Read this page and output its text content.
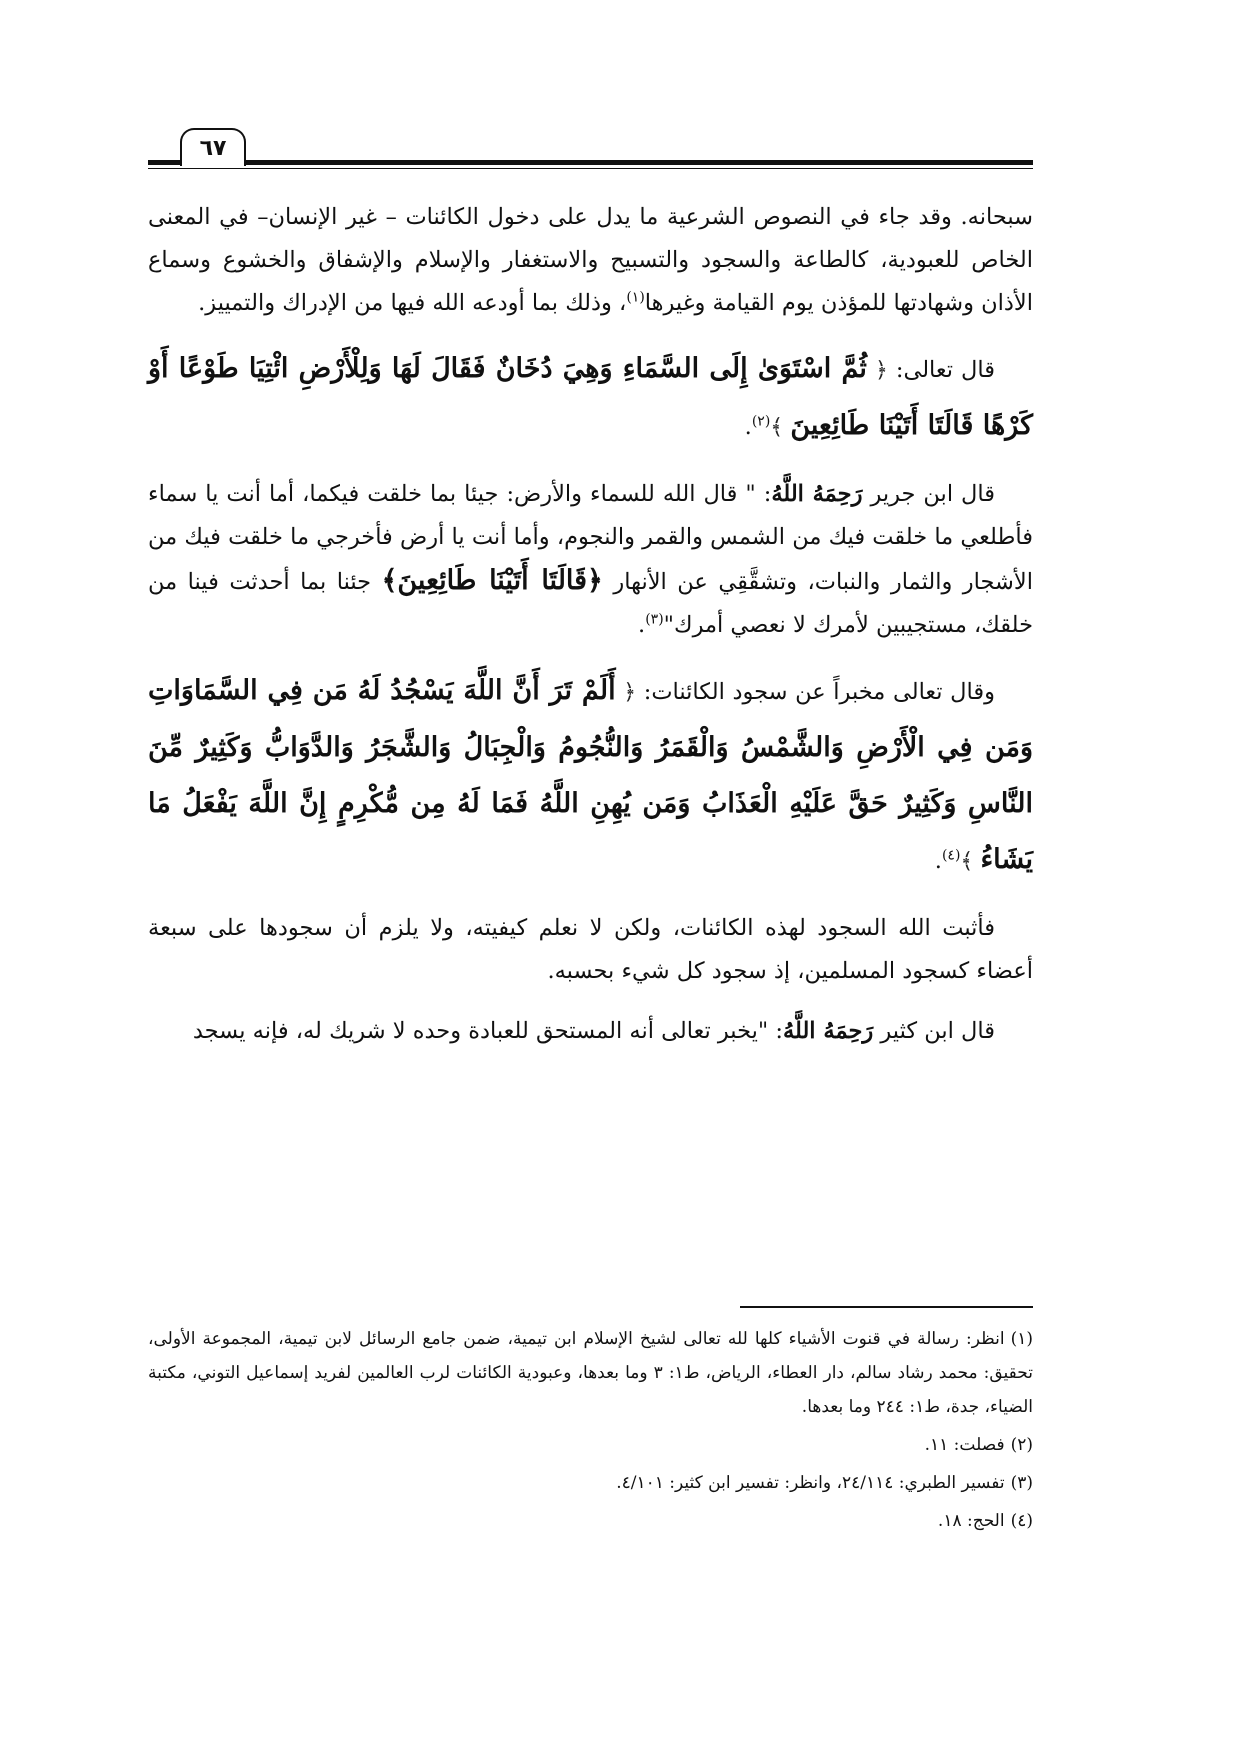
٦٧

سبحانه. وقد جاء في النصوص الشرعية ما يدل على دخول الكائنات – غير الإنسان– في المعنى الخاص للعبودية، كالطاعة والسجود والتسبيح والاستغفار والإسلام والإشفاق والخشوع وسماع الأذان وشهادتها للمؤذن يوم القيامة وغيرها$^{(١)}$، وذلك بما أودعه الله فيها من الإدراك والتمييز.

قال تعالى: ﴿ ثُمَّ اسْتَوَىٰ إِلَى السَّمَاءِ وَهِيَ دُخَانٌ فَقَالَ لَهَا وَلِلْأَرْضِ ائْتِيَا طَوْعًا أَوْ كَرْهًا قَالَتَا أَتَيْنَا طَائِعِينَ ﴾$^{(٢)}$.

قال ابن جرير رَحِمَهُ اللَّهُ: " قال الله للسماء والأرض: جيئا بما خلقت فيكما، أما أنت يا سماء فأطلعي ما خلقت فيك من الشمس والقمر والنجوم، وأما أنت يا أرض فأخرجي ما خلقت فيك من الأشجار والثمار والنبات، وتشقَّقِي عن الأنهار ﴿قَالَتَا أَتَيْنَا طَائِعِينَ﴾ جئنا بما أحدثت فينا من خلقك، مستجيبين لأمرك لا نعصي أمرك"$^{(٣)}$.

وقال تعالى مخبراً عن سجود الكائنات: ﴿ أَلَمْ تَرَ أَنَّ اللَّهَ يَسْجُدُ لَهُ مَن فِي السَّمَاوَاتِ وَمَن فِي الْأَرْضِ وَالشَّمْسُ وَالْقَمَرُ وَالنُّجُومُ وَالْجِبَالُ وَالشَّجَرُ وَالدَّوَابُّ وَكَثِيرٌ مِّنَ النَّاسِ وَكَثِيرٌ حَقَّ عَلَيْهِ الْعَذَابُ وَمَن يُهِنِ اللَّهُ فَمَا لَهُ مِن مُّكْرِمٍ إِنَّ اللَّهَ يَفْعَلُ مَا يَشَاءُ ﴾$^{(٤)}$.

فأثبت الله السجود لهذه الكائنات، ولكن لا نعلم كيفيته، ولا يلزم أن سجودها على سبعة أعضاء كسجود المسلمين، إذ سجود كل شيء بحسبه.

قال ابن كثير رَحِمَهُ اللَّهُ: "يخبر تعالى أنه المستحق للعبادة وحده لا شريك له، فإنه يسجد

(١)انظر: رسالة في قنوت الأشياء كلها لله تعالى لشيخ الإسلام ابن تيمية، ضمن جامع الرسائل لابن تيمية، المجموعة الأولى، تحقيق: محمد رشاد سالم، دار العطاء، الرياض، ط١: ٣ وما بعدها، وعبودية الكائنات لرب العالمين لفريد إسماعيل التوني، مكتبة الضياء، جدة، ط١: ٢٤٤ وما بعدها.

(٢)فصلت: ١١.

(٣)تفسير الطبري: ٢٤/١١٤، وانظر: تفسير ابن كثير: ٤/١٠١.

(٤)الحج: ١٨.
